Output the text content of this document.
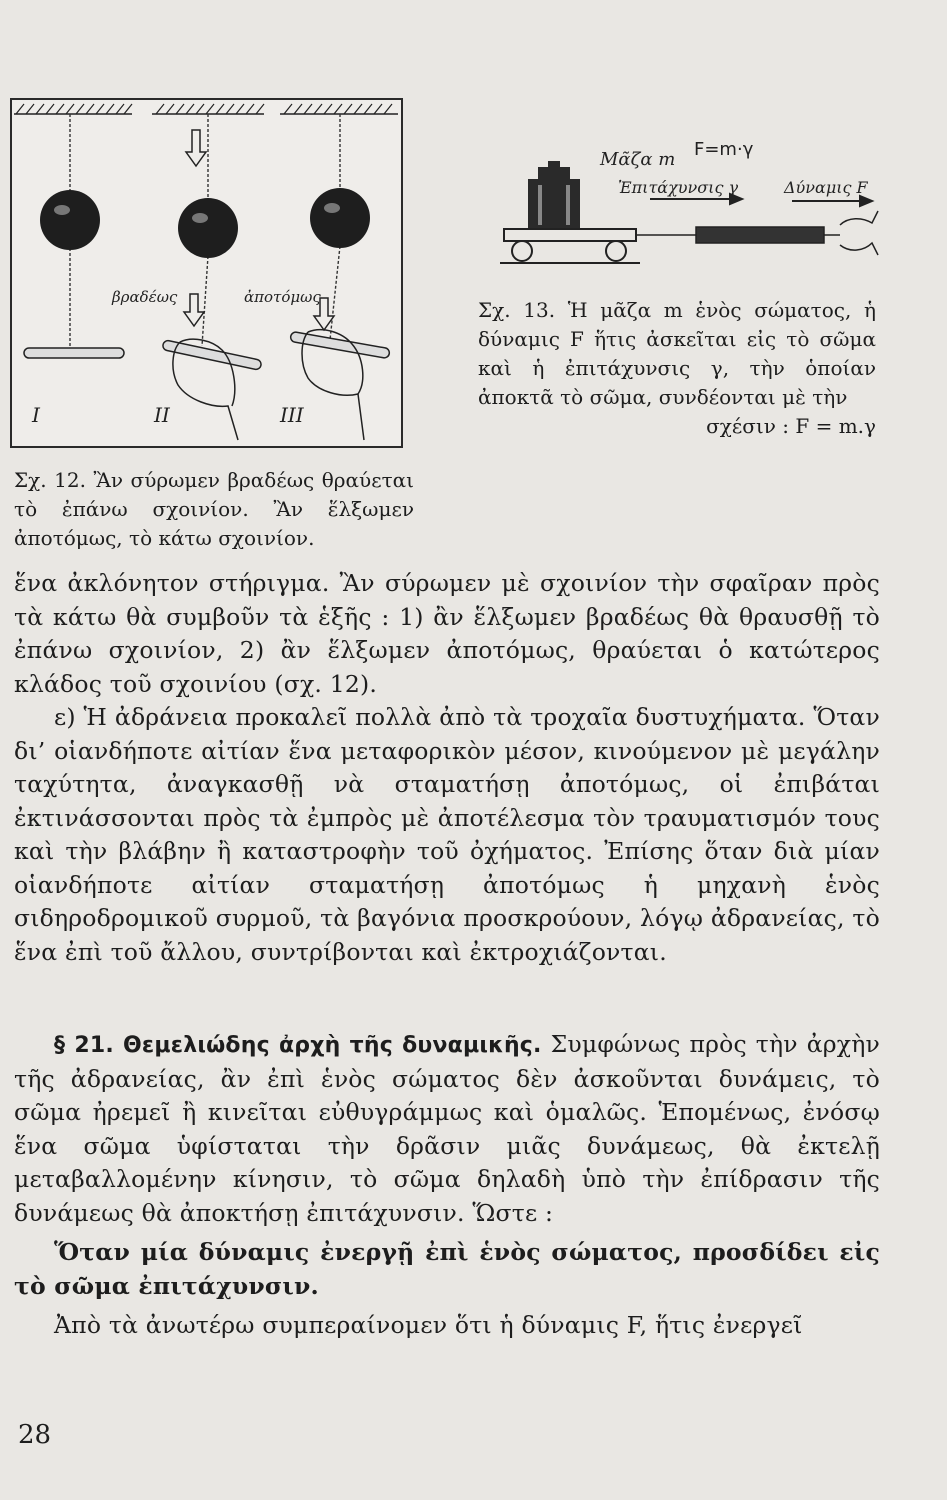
βραδέως	ἀποτόμως
I	II	III
Σχ. 12. Ἂν σύρωμεν βραδέως θραύεται τὸ ἐπάνω σχοινίον. Ἂν ἕλξωμεν ἀποτόμως, τὸ κάτω σχοινίον.
Μᾶζα m F=m·γ
Ἐπιτάχυνσις γ	Δύναμις F
Σχ. 13. Ἡ μᾶζα m ἑνὸς σώματος, ἡ δύναμις F ἥτις ἀσκεῖται εἰς τὸ σῶμα καὶ ἡ ἐπιτάχυνσις γ, τὴν ὁποίαν ἀποκτᾶ τὸ σῶμα, συνδέονται μὲ τὴν
σχέσιν : F = m.γ

ἕνα ἀκλόνητον στήριγμα. Ἂν σύρωμεν μὲ σχοινίον τὴν σφαῖραν πρὸς τὰ κάτω θὰ συμβοῦν τὰ ἑξῆς : 1) ἂν ἕλξωμεν βραδέως θὰ θραυσθῇ τὸ ἐπάνω σχοινίον, 2) ἂν ἕλξωμεν ἀποτόμως, θραύεται ὁ κατώτερος κλάδος τοῦ σχοινίου (σχ. 12).

ε) Ἡ ἀδράνεια προκαλεῖ πολλὰ ἀπὸ τὰ τροχαῖα δυστυχήματα. Ὅταν δι’ οἱανδήποτε αἰτίαν ἕνα μεταφορικὸν μέσον, κινούμενον μὲ μεγάλην ταχύτητα, ἀναγκασθῇ νὰ σταματήσῃ ἀποτόμως, οἱ ἐπιβάται ἐκτινάσσονται πρὸς τὰ ἐμπρὸς μὲ ἀποτέλεσμα τὸν τραυματισμόν τους καὶ τὴν βλάβην ἢ καταστροφὴν τοῦ ὀχήματος. Ἐπίσης ὅταν διὰ μίαν οἱανδήποτε αἰτίαν σταματήσῃ ἀποτόμως ἡ μηχανὴ ἑνὸς σιδηροδρομικοῦ συρμοῦ, τὰ βαγόνια προσκρούουν, λόγῳ ἀδρανείας, τὸ ἕνα ἐπὶ τοῦ ἄλλου, συντρίβονται καὶ ἐκτροχιάζονται.

§ 21. Θεμελιώδης ἀρχὴ τῆς δυναμικῆς. Συμφώνως πρὸς τὴν ἀρχὴν τῆς ἀδρανείας, ἂν ἐπὶ ἑνὸς σώματος δὲν ἀσκοῦνται δυνάμεις, τὸ σῶμα ἠρεμεῖ ἢ κινεῖται εὐθυγράμμως καὶ ὁμαλῶς. Ἑπομένως, ἐνόσῳ ἕνα σῶμα ὑφίσταται τὴν δρᾶσιν μιᾶς δυνάμεως, θὰ ἐκτελῇ μεταβαλλομένην κίνησιν, τὸ σῶμα δηλαδὴ ὑπὸ τὴν ἐπίδρασιν τῆς δυνάμεως θὰ ἀποκτήσῃ ἐπιτάχυνσιν. Ὥστε :

Ὅταν μία δύναμις ἐνεργῇ ἐπὶ ἑνὸς σώματος, προσδίδει εἰς τὸ σῶμα ἐπιτάχυνσιν.

Ἀπὸ τὰ ἀνωτέρω συμπεραίνομεν ὅτι ἡ δύναμις F, ἥτις ἐνεργεῖ

28
